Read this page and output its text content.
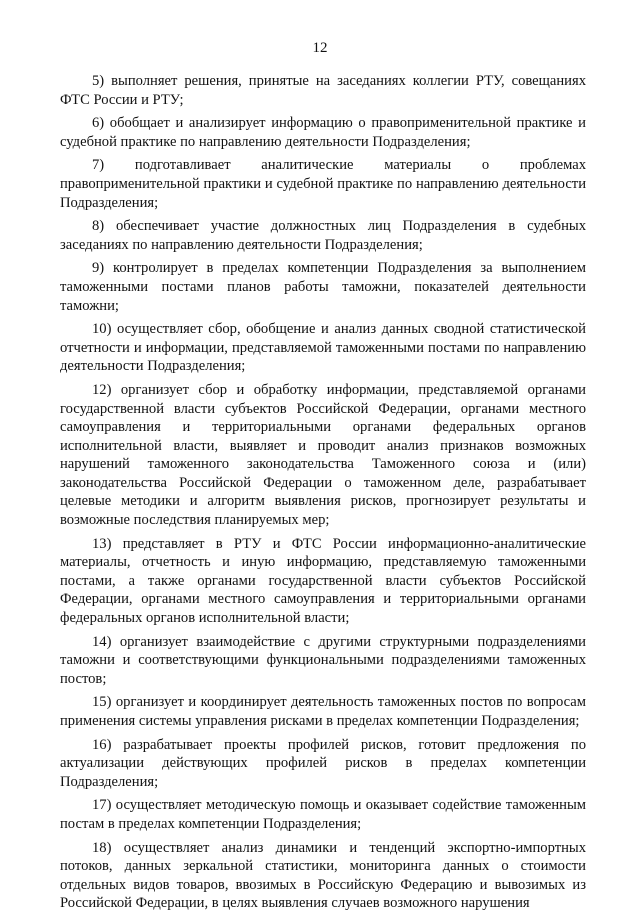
12

5) выполняет решения, принятые на заседаниях коллегии РТУ, совещаниях ФТС России и РТУ;

6) обобщает и анализирует информацию о правоприменительной практике и судебной практике по направлению деятельности Подразделения;

7) подготавливает аналитические материалы о проблемах правоприменительной практики и судебной практике по направлению деятельности Подразделения;

8) обеспечивает участие должностных лиц Подразделения в судебных заседаниях по направлению деятельности Подразделения;

9) контролирует в пределах компетенции Подразделения за выполнением таможенными постами планов работы таможни, показателей деятельности таможни;

10) осуществляет сбор, обобщение и анализ данных сводной статистической отчетности и информации, представляемой таможенными постами по направлению деятельности Подразделения;

12) организует сбор и обработку информации, представляемой органами государственной власти субъектов Российской Федерации, органами местного самоуправления и территориальными органами федеральных органов исполнительной власти, выявляет и проводит анализ признаков возможных нарушений таможенного законодательства Таможенного союза и (или) законодательства Российской Федерации о таможенном деле, разрабатывает целевые методики и алгоритм выявления рисков, прогнозирует результаты и возможные последствия планируемых мер;

13) представляет в РТУ и ФТС России информационно-аналитические материалы, отчетность и иную информацию, представляемую таможенными постами, а также органами государственной власти субъектов Российской Федерации, органами местного самоуправления и территориальными органами федеральных органов исполнительной власти;

14) организует взаимодействие с другими структурными подразделениями таможни и соответствующими функциональными подразделениями таможенных постов;

15) организует и координирует деятельность таможенных постов по вопросам применения системы управления рисками в пределах компетенции Подразделения;

16) разрабатывает проекты профилей рисков, готовит предложения по актуализации действующих профилей рисков в пределах компетенции Подразделения;

17) осуществляет методическую помощь и оказывает содействие таможенным постам в пределах компетенции Подразделения;

18) осуществляет анализ динамики и тенденций экспортно-импортных потоков, данных зеркальной статистики, мониторинга данных о стоимости отдельных видов товаров, ввозимых в Российскую Федерацию и вывозимых из Российской Федерации, в целях выявления случаев возможного нарушения
